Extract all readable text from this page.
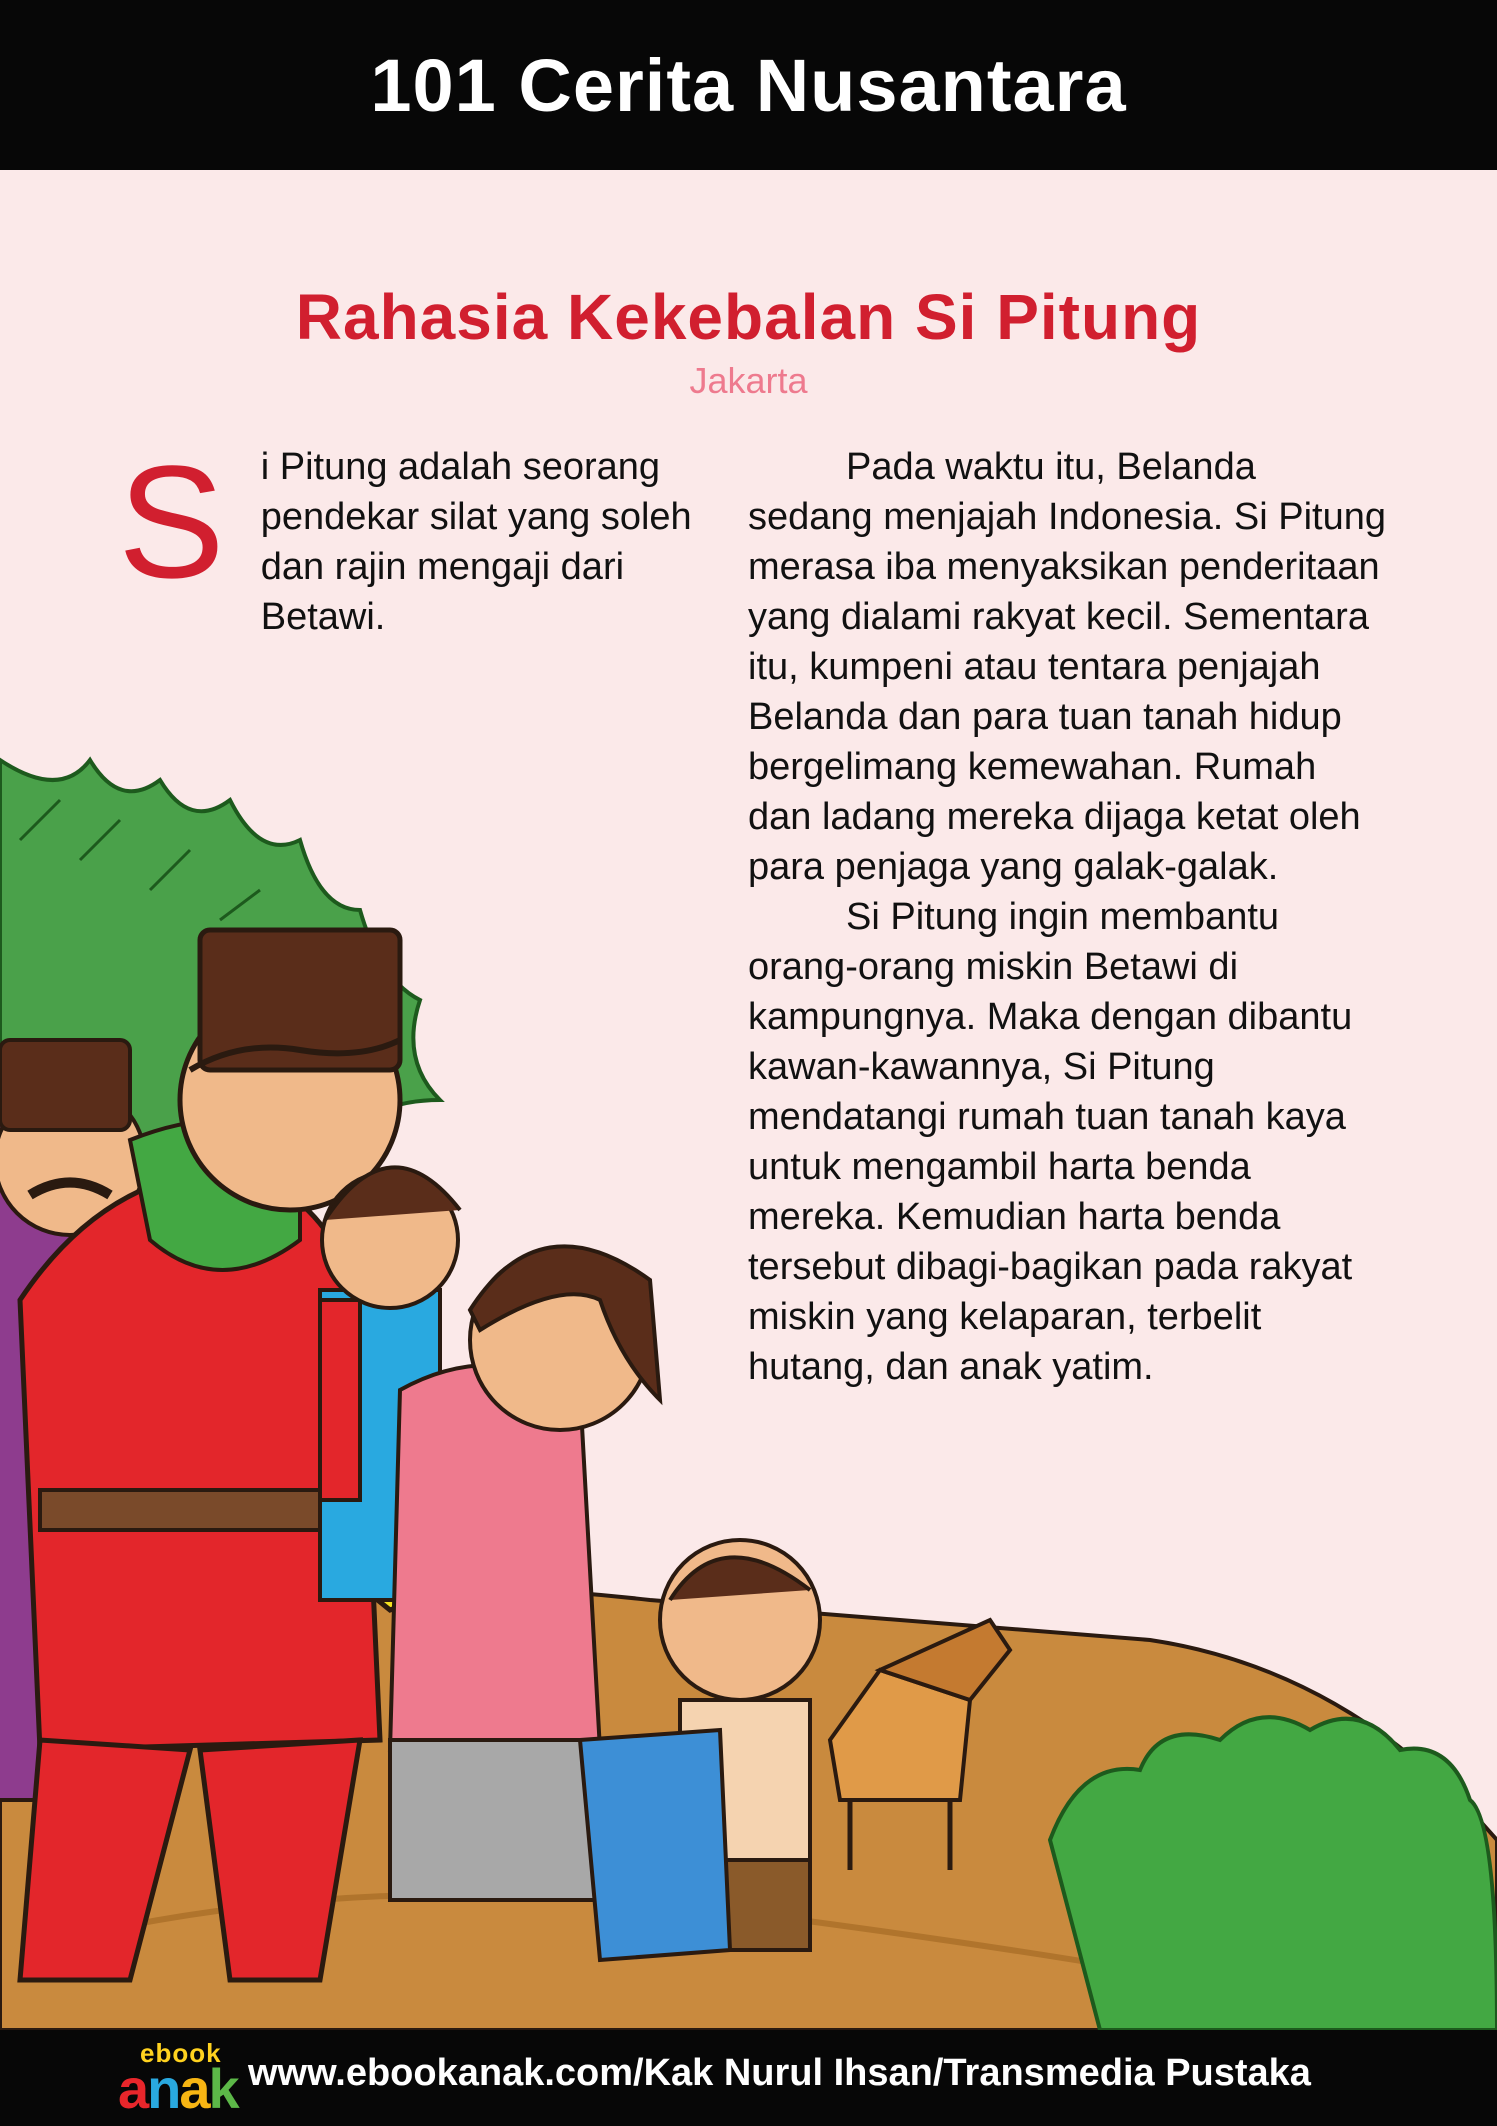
101 Cerita Nusantara
Rahasia Kekebalan Si Pitung
Jakarta
Si Pitung adalah seorang pendekar silat yang soleh dan rajin mengaji dari Betawi.

Pada waktu itu, Belanda sedang menjajah Indonesia. Si Pitung merasa iba menyaksikan penderitaan yang dialami rakyat kecil. Sementara itu, kumpeni atau tentara penjajah Belanda dan para tuan tanah hidup bergelimang kemewahan. Rumah dan ladang mereka dijaga ketat oleh para penjaga yang galak-galak.

Si Pitung ingin membantu orang-orang miskin Betawi di kampungnya. Maka dengan dibantu kawan-kawannya, Si Pitung mendatangi rumah tuan tanah kaya untuk mengambil harta benda mereka. Kemudian harta benda tersebut dibagi-bagikan pada rakyat miskin yang kelaparan, terbelit hutang, dan anak yatim.

ebook
anak www.ebookanak.com/Kak Nurul Ihsan/Transmedia Pustaka
